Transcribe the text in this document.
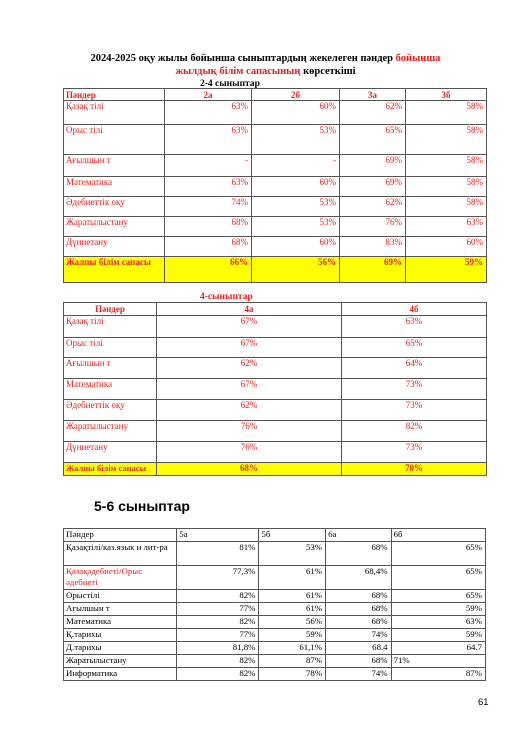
2024-2025 оқу жылы бойынша сыныптардың жекелеген пәндер бойынша
жылдық білім сапасының көрсеткіші
2-4 сыныптар
Пәндер	2а	2б	3а	3б
Қазақ тілі	63%	60%	62%	58%
Орыс тілі	63%	53%	65%	58%
Ағылшын т	-	-	69%	58%
Математика	63%	60%	69%	58%
Әдебиеттік оқу	74%	53%	62%	58%
Жаратылыстану	68%	53%	76%	63%
Дүниетану	68%	60%	83%	60%
Жалпы білім сапасы	66%	56%	69%	59%
4-сыныптар
Пәндер	4а	4б
Қазақ тілі	67%	63%
Орыс тілі	67%	65%
Ағылшын т	62%	64%
Математика	67%	73%
Әдебиеттік оқу	62%	73%
Жаратылыстану	76%	82%
Дүниетану	76%	73%
Жалпы білім сапасы	68%	70%
5-6 сыныптар
Пәндер	5а	5б	6а	6б
Қазақтілі/каз.язык и лит-ра	81%	53%	68%	65%
Қазақәдебиеті/Орыс әдебиеті	77,3%	61%	68,4%	65%
Орыстілі	82%	61%	68%	65%
Ағылшын т	77%	61%	68%	59%
Математика	82%	56%	68%	63%
Қ.тарихы	77%	59%	74%	59%
Д.тарихы	81,8%	61,1%	68.4	64.7
Жаратылыстану	82%	87%	68%	71%
Информатика	82%	78%	74%	87%
61
